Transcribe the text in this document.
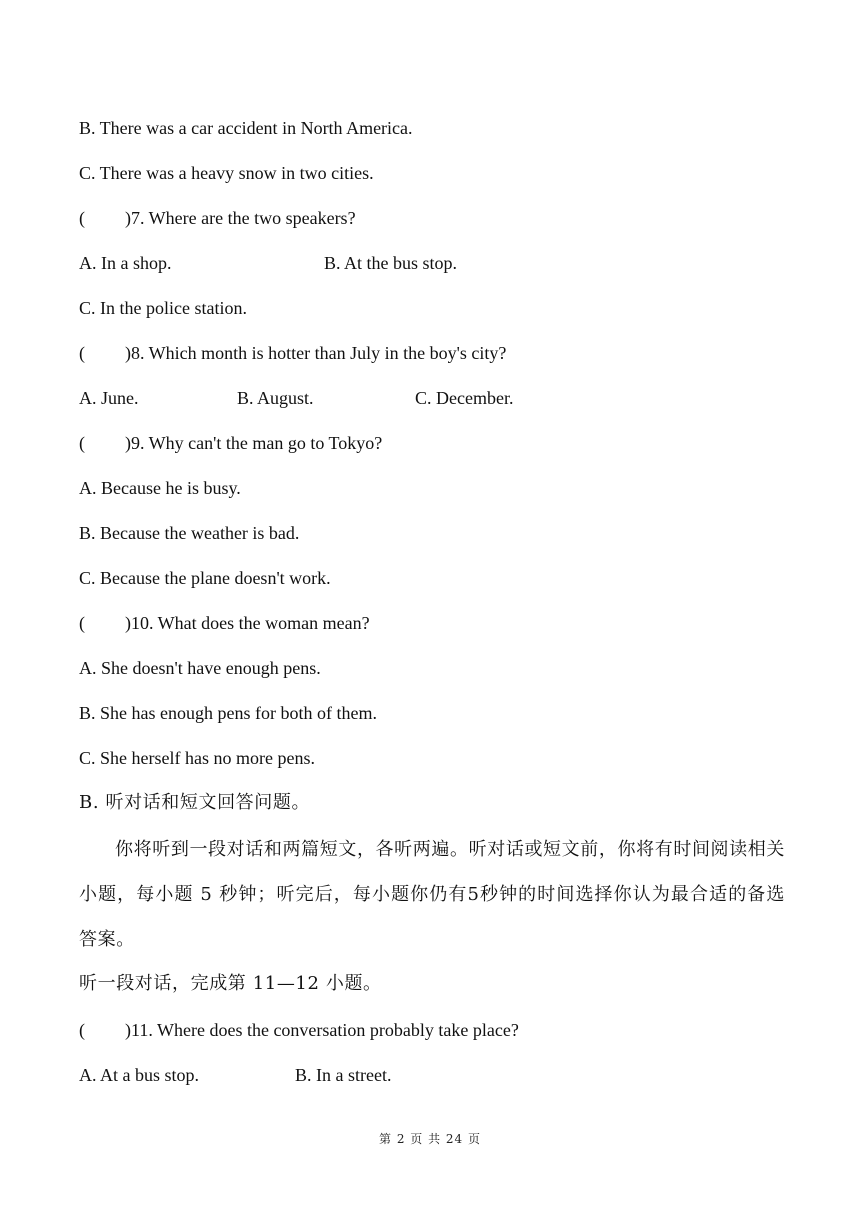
B. There was a car accident in North America.
C. There was a heavy snow in two cities.
( )7. Where are the two speakers?
A. In a shop.	B. At the bus stop.
C. In the police station.
( )8. Which month is hotter than July in the boy's city?
A. June.	B. August.	C. December.
( )9. Why can't the man go to Tokyo?
A. Because he is busy.
B. Because the weather is bad.
C. Because the plane doesn't work.
( )10. What does the woman mean?
A. She doesn't have enough pens.
B. She has enough pens for both of them.
C. She herself has no more pens.
B. 听对话和短文回答问题。
你将听到一段对话和两篇短文，各听两遍。听对话或短文前，你将有时间阅读相关小题，每小题 5 秒钟；听完后，每小题你仍有5秒钟的时间选择你认为最合适的备选答案。
听一段对话，完成第 11—12 小题。
( )11. Where does the conversation probably take place?
A. At a bus stop.	B. In a street.
第 2 页 共 24 页
